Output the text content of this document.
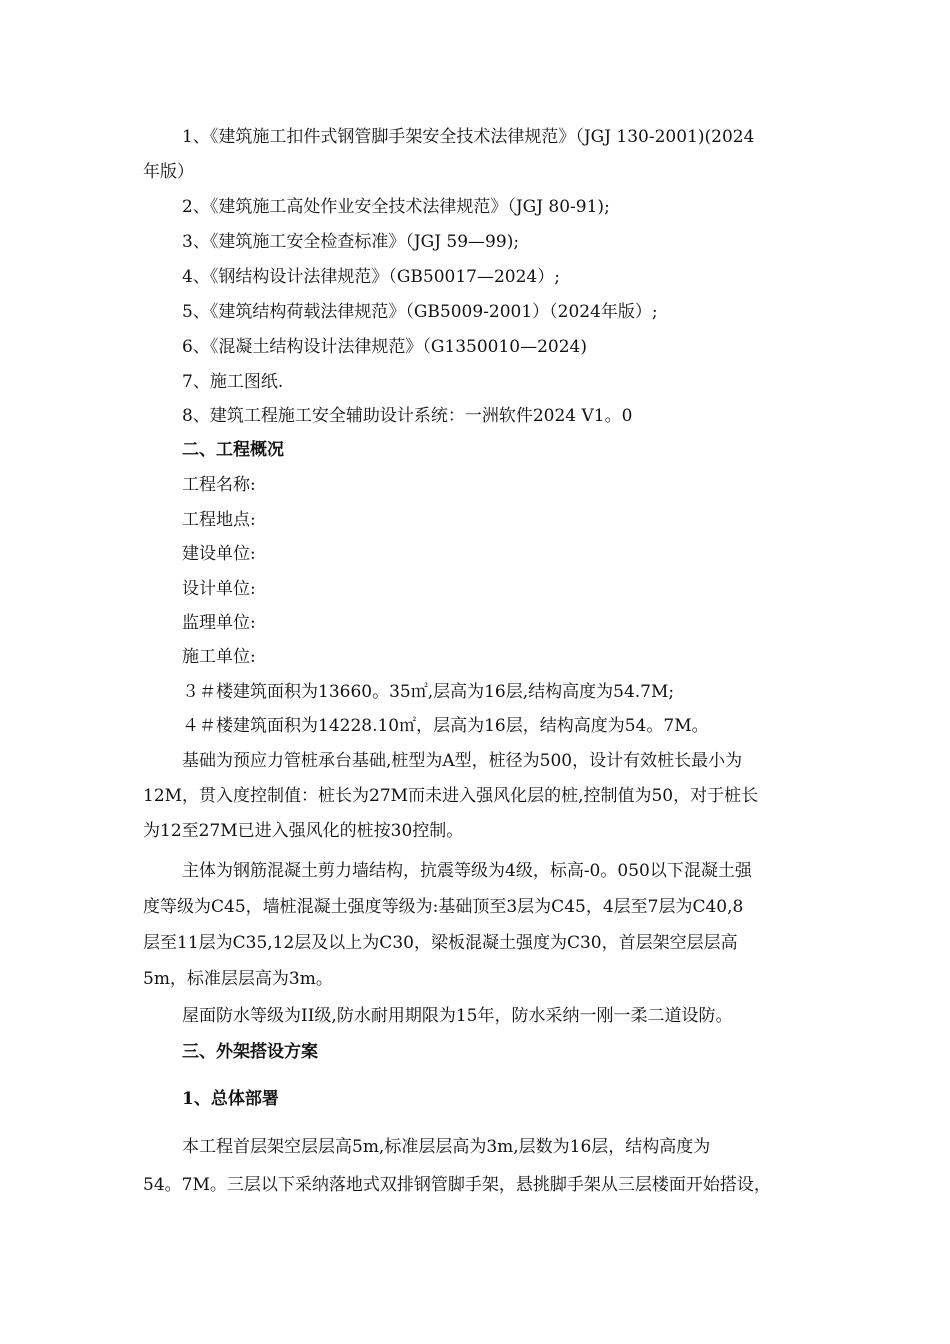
1、《建筑施工扣件式钢管脚手架安全技术法律规范》（JGJ 130-2001)(2024
年版）
2、《建筑施工高处作业安全技术法律规范》（JGJ 80-91);
3、《建筑施工安全检查标准》（JGJ 59—99);
4、《钢结构设计法律规范》（GB50017—2024）;
5、《建筑结构荷载法律规范》（GB5009-2001）（2024年版）;
6、《混凝土结构设计法律规范》（G1350010—2024)
7、施工图纸.
8、建筑工程施工安全辅助设计系统：一洲软件2024 V1。0
二、工程概况
工程名称:
工程地点:
建设单位:
设计单位:
监理单位:
施工单位:
３＃楼建筑面积为13660。35㎡,层高为16层,结构高度为54.7M;
４＃楼建筑面积为14228.10㎡，层高为16层，结构高度为54。7M。
基础为预应力管桩承台基础,桩型为A型，桩径为500，设计有效桩长最小为
12M，贯入度控制值：桩长为27M而未进入强风化层的桩,控制值为50，对于桩长
为12至27M已进入强风化的桩按30控制。
主体为钢筋混凝土剪力墙结构，抗震等级为4级，标高-0。050以下混凝土强
度等级为C45，墙桩混凝土强度等级为:基础顶至3层为C45，4层至7层为C40,8
层至11层为C35,12层及以上为C30，梁板混凝土强度为C30，首层架空层层高
5m，标准层层高为3m。
屋面防水等级为II级,防水耐用期限为15年，防水采纳一刚一柔二道设防。
三、外架搭设方案
1、总体部署
本工程首层架空层层高5m,标准层层高为3m,层数为16层，结构高度为
54。7M。三层以下采纳落地式双排钢管脚手架，悬挑脚手架从三层楼面开始搭设，
